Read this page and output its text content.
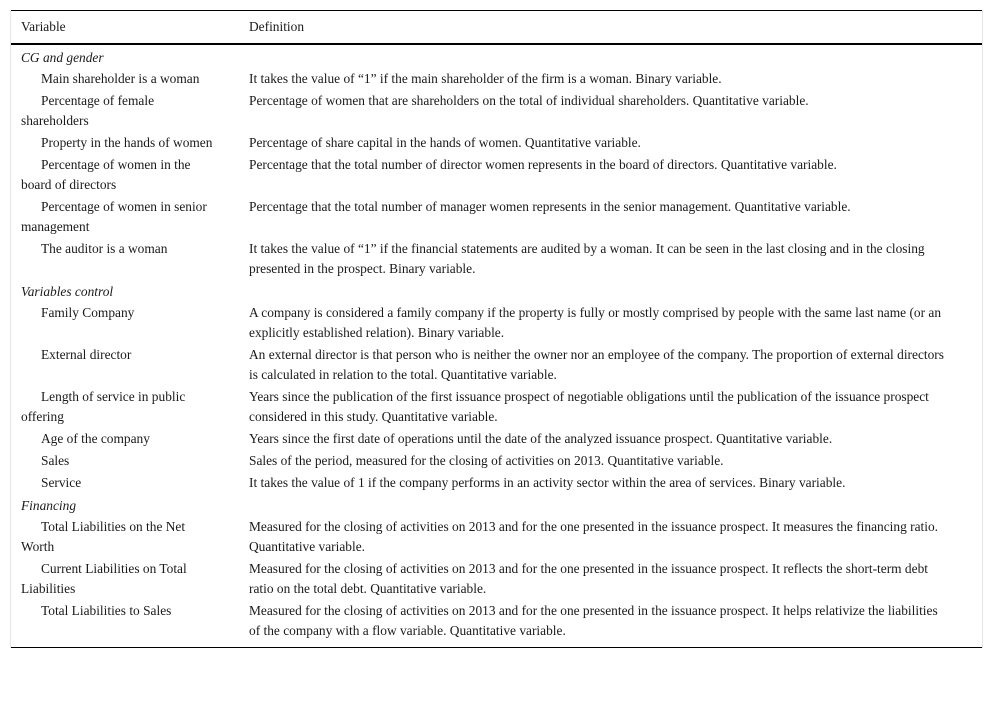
Variable	Definition
CG and gender	
Main shareholder is a woman	It takes the value of “1” if the main shareholder of the firm is a woman. Binary variable.
Percentage of female shareholders	Percentage of women that are shareholders on the total of individual shareholders. Quantitative variable.
Property in the hands of women	Percentage of share capital in the hands of women. Quantitative variable.
Percentage of women in the board of directors	Percentage that the total number of director women represents in the board of directors. Quantitative variable.
Percentage of women in senior management	Percentage that the total number of manager women represents in the senior management. Quantitative variable.
The auditor is a woman	It takes the value of “1” if the financial statements are audited by a woman. It can be seen in the last closing and in the closing presented in the prospect. Binary variable.
Variables control	
Family Company	A company is considered a family company if the property is fully or mostly comprised by people with the same last name (or an explicitly established relation). Binary variable.
External director	An external director is that person who is neither the owner nor an employee of the company. The proportion of external directors is calculated in relation to the total. Quantitative variable.
Length of service in public offering	Years since the publication of the first issuance prospect of negotiable obligations until the publication of the issuance prospect considered in this study. Quantitative variable.
Age of the company	Years since the first date of operations until the date of the analyzed issuance prospect. Quantitative variable.
Sales	Sales of the period, measured for the closing of activities on 2013. Quantitative variable.
Service	It takes the value of 1 if the company performs in an activity sector within the area of services. Binary variable.
Financing	
Total Liabilities on the Net Worth	Measured for the closing of activities on 2013 and for the one presented in the issuance prospect. It measures the financing ratio. Quantitative variable.
Current Liabilities on Total Liabilities	Measured for the closing of activities on 2013 and for the one presented in the issuance prospect. It reflects the short-term debt ratio on the total debt. Quantitative variable.
Total Liabilities to Sales	Measured for the closing of activities on 2013 and for the one presented in the issuance prospect. It helps relativize the liabilities of the company with a flow variable. Quantitative variable.
